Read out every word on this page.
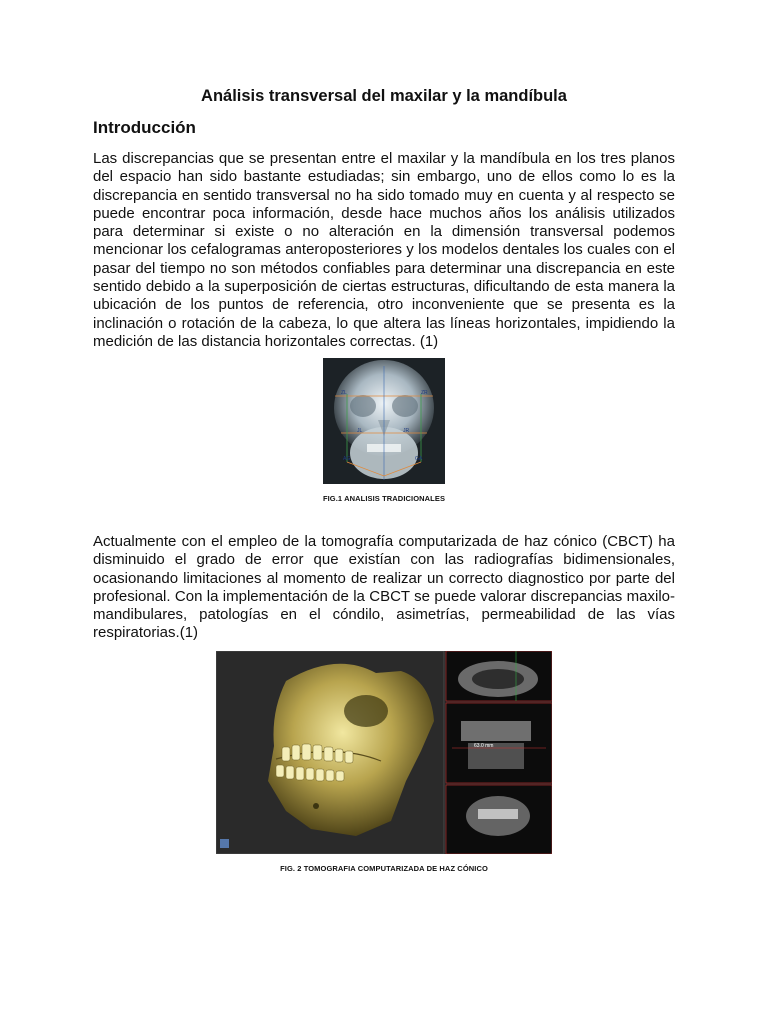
Análisis transversal del maxilar y la mandíbula
Introducción

Las discrepancias que se presentan entre el maxilar y la mandíbula en los tres planos del espacio han sido bastante estudiadas; sin embargo, uno de ellos como lo es la discrepancia en sentido transversal no ha sido tomado muy en cuenta y al respecto se puede encontrar poca información, desde hace muchos años los análisis utilizados para determinar si existe o no alteración en la dimensión transversal podemos mencionar los cefalogramas anteroposteriores y los modelos dentales los cuales con el pasar del tiempo no son métodos confiables para determinar una discrepancia en este sentido debido a la superposición de ciertas estructuras, dificultando de esta manera la ubicación de los puntos de referencia, otro inconveniente que se presenta es la inclinación o rotación de la cabeza, lo que altera las líneas horizontales, impidiendo la medición de las distancia horizontales correctas. (1)

ZL	ZR
JL	JR
AG	GA

FIG.1 ANALISIS TRADICIONALES

Actualmente con el empleo de la tomografía computarizada de haz cónico (CBCT) ha disminuido el grado de error que existían con las radiografías bidimensionales, ocasionando limitaciones al momento de realizar un correcto diagnostico por parte del profesional. Con la implementación de la CBCT se puede valorar discrepancias maxilo-mandibulares, patologías en el cóndilo, asimetrías, permeabilidad de las vías respiratorias.(1)

63.0 mm

FIG. 2 TOMOGRAFIA COMPUTARIZADA DE HAZ CÓNICO
